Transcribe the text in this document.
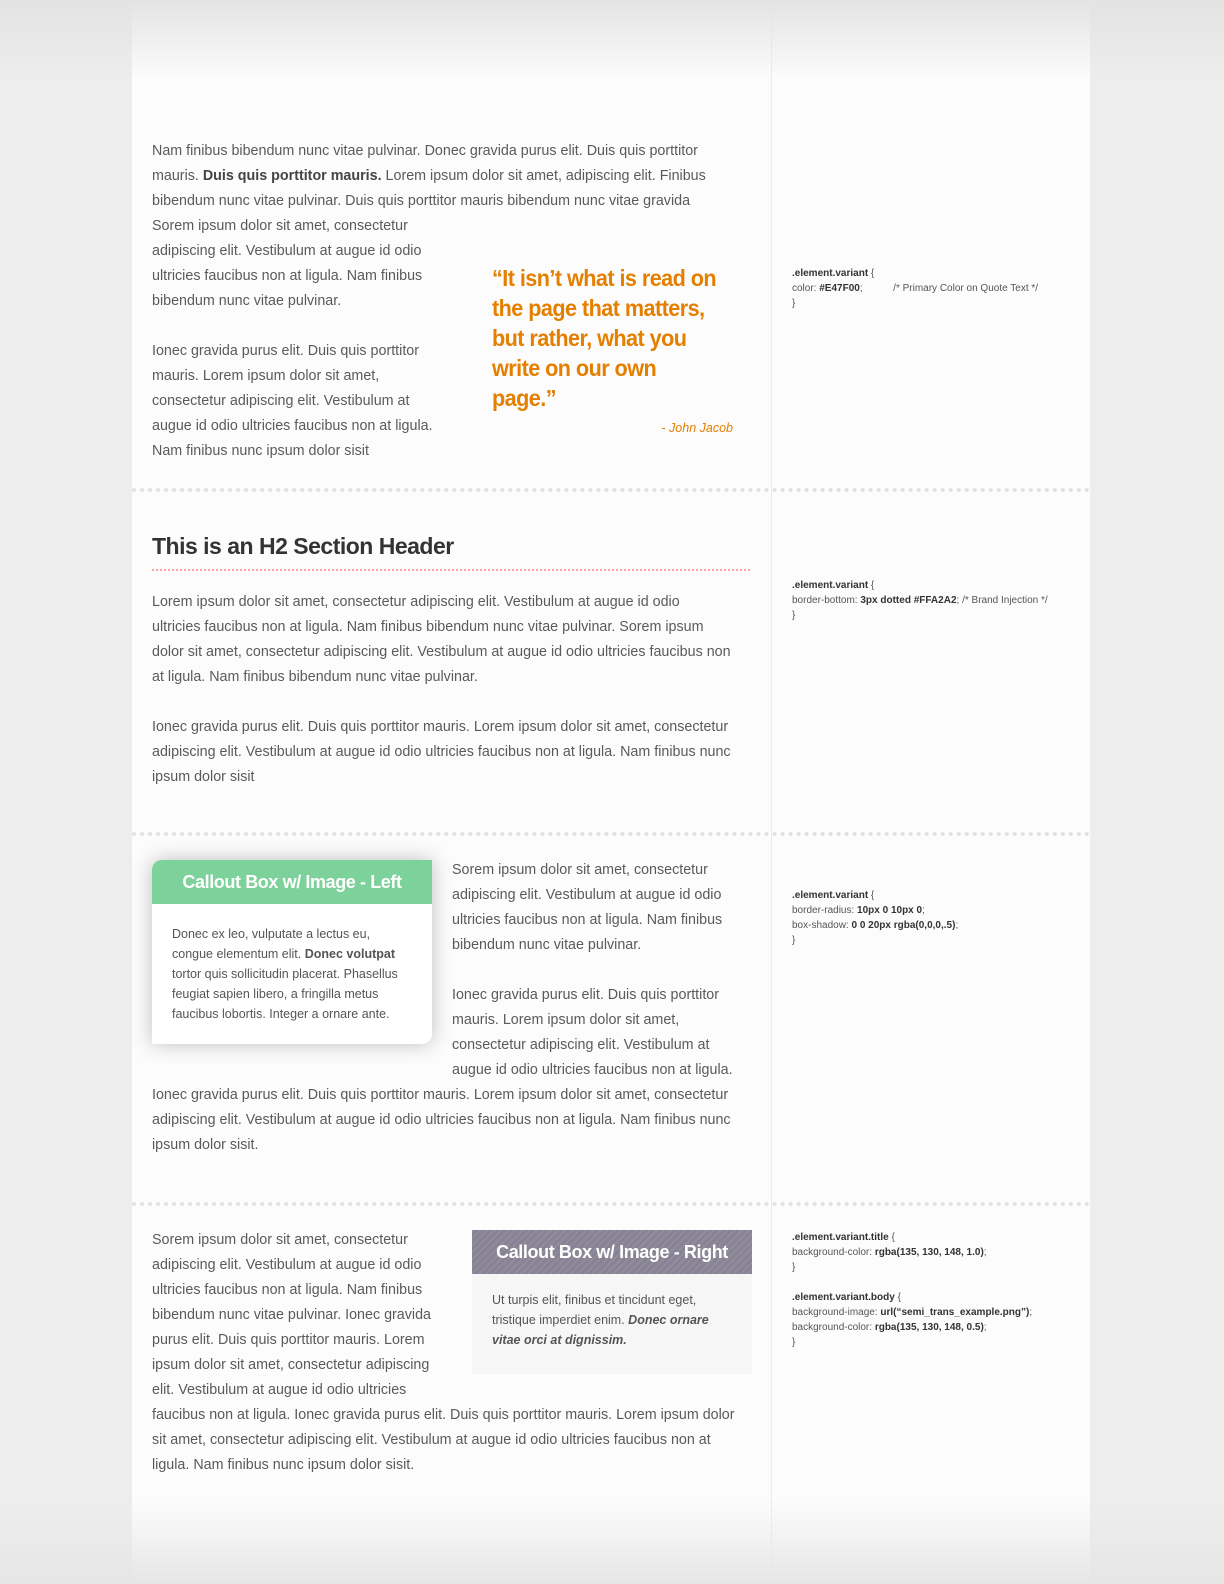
Nam finibus bibendum nunc vitae pulvinar. Donec gravida purus elit. Duis quis porttitor mauris. Duis quis porttitor mauris. Lorem ipsum dolor sit amet, adipiscing elit. Finibus bibendum nunc vitae pulvinar. Duis quis porttitor mauris bibendum nunc vitae gravida

Sorem ipsum dolor sit amet, consectetur adipiscing elit. Vestibulum at augue id odio ultricies faucibus non at ligula. Nam finibus bibendum nunc vitae pulvinar.

Ionec gravida purus elit. Duis quis porttitor mauris. Lorem ipsum dolor sit amet, consectetur adipiscing elit. Vestibulum at augue id odio ultricies faucibus non at ligula. Nam finibus nunc ipsum dolor sisit

“It isn’t what is read on the page that matters, but rather, what you write on our own page.”

- John Jacob
.element.variant {
color: #E47F00;           /* Primary Color on Quote Text */
}
This is an H2 Section Header

Lorem ipsum dolor sit amet, consectetur adipiscing elit. Vestibulum at augue id odio ultricies faucibus non at ligula. Nam finibus bibendum nunc vitae pulvinar. Sorem ipsum dolor sit amet, consectetur adipiscing elit. Vestibulum at augue id odio ultricies faucibus non at ligula. Nam finibus bibendum nunc vitae pulvinar.

Ionec gravida purus elit. Duis quis porttitor mauris. Lorem ipsum dolor sit amet, consectetur adipiscing elit. Vestibulum at augue id odio ultricies faucibus non at ligula. Nam finibus nunc ipsum dolor sisit

.element.variant {
border-bottom: 3px dotted #FFA2A2; /* Brand Injection */
}
Callout Box w/ Image - Left
Donec ex leo, vulputate a lectus eu, congue elementum elit. Donec volutpat tortor quis sollicitudin placerat. Phasellus feugiat sapien libero, a fringilla metus faucibus lobortis. Integer a ornare ante.

Sorem ipsum dolor sit amet, consectetur adipiscing elit. Vestibulum at augue id odio ultricies faucibus non at ligula. Nam finibus bibendum nunc vitae pulvinar.

Ionec gravida purus elit. Duis quis porttitor mauris. Lorem ipsum dolor sit amet, consectetur adipiscing elit. Vestibulum at augue id odio ultricies faucibus non at ligula.

Ionec gravida purus elit. Duis quis porttitor mauris. Lorem ipsum dolor sit amet, consectetur adipiscing elit. Vestibulum at augue id odio ultricies faucibus non at ligula. Nam finibus nunc ipsum dolor sisit.

.element.variant {
border-radius: 10px 0 10px 0;
box-shadow: 0 0 20px rgba(0,0,0,.5);
}
Callout Box w/ Image - Right
Ut turpis elit, finibus et tincidunt eget, tristique imperdiet enim. Donec ornare vitae orci at dignissim.

Sorem ipsum dolor sit amet, consectetur adipiscing elit. Vestibulum at augue id odio ultricies faucibus non at ligula. Nam finibus bibendum nunc vitae pulvinar. Ionec gravida purus elit. Duis quis porttitor mauris. Lorem ipsum dolor sit amet, consectetur adipiscing elit. Vestibulum at augue id odio ultricies

faucibus non at ligula. Ionec gravida purus elit. Duis quis porttitor mauris. Lorem ipsum dolor sit amet, consectetur adipiscing elit. Vestibulum at augue id odio ultricies faucibus non at ligula. Nam finibus nunc ipsum dolor sisit.

.element.variant.title {
background-color: rgba(135, 130, 148, 1.0);
}

.element.variant.body {
background-image: url(“semi_trans_example.png”);
background-color: rgba(135, 130, 148, 0.5);
}
